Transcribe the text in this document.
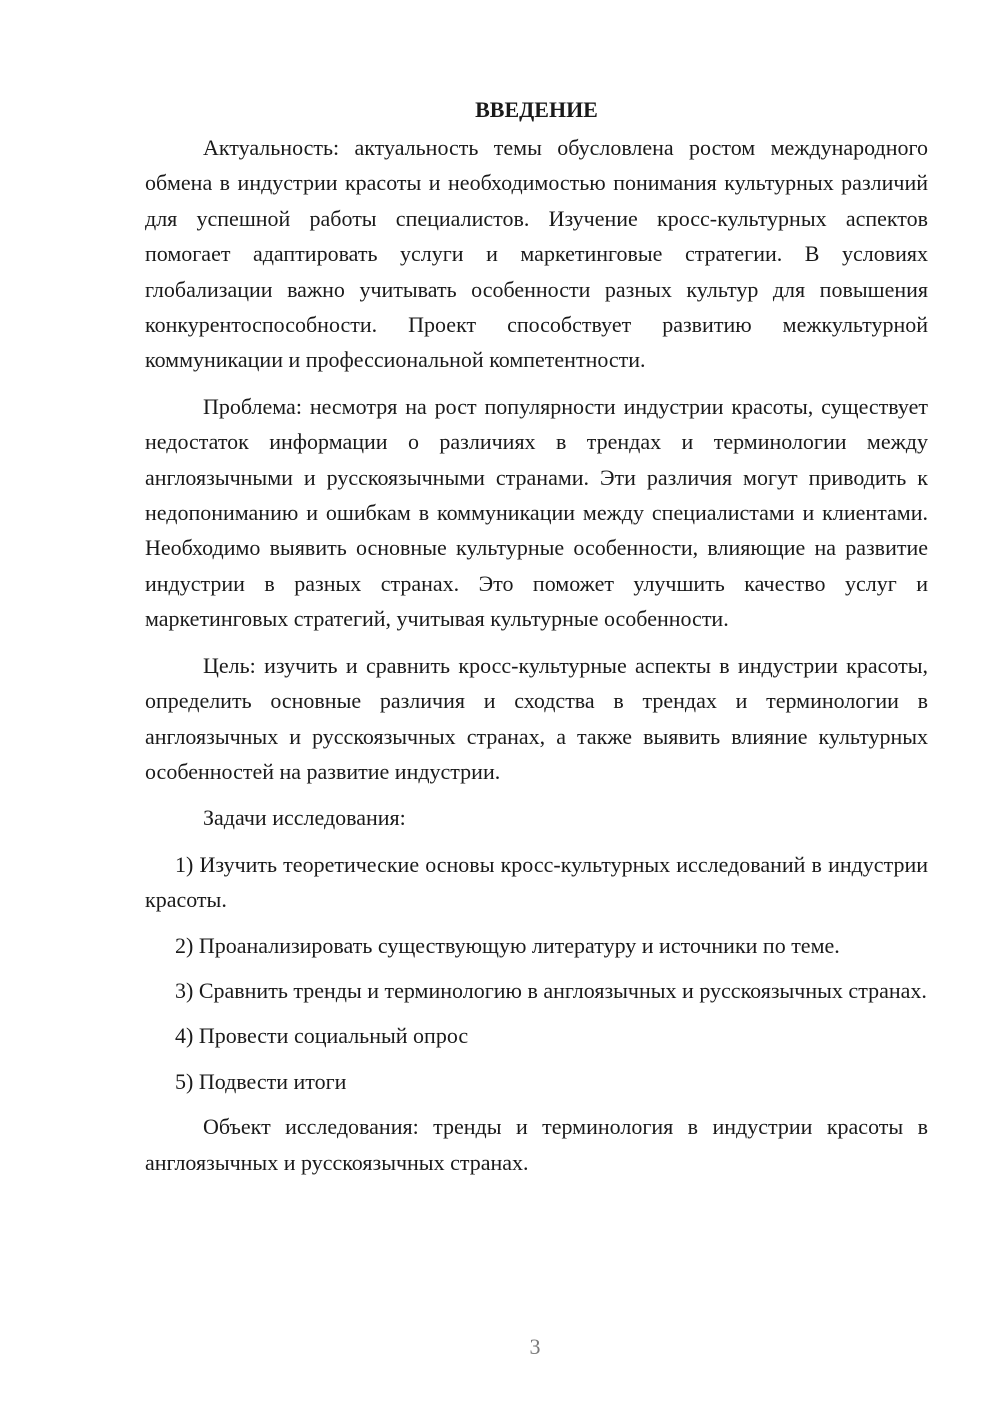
ВВЕДЕНИЕ

Актуальность: актуальность темы обусловлена ростом международного обмена в индустрии красоты и необходимостью понимания культурных различий для успешной работы специалистов. Изучение кросс-культурных аспектов помогает адаптировать услуги и маркетинговые стратегии. В условиях глобализации важно учитывать особенности разных культур для повышения конкурентоспособности. Проект способствует развитию межкультурной коммуникации и профессиональной компетентности.

Проблема: несмотря на рост популярности индустрии красоты, существует недостаток информации о различиях в трендах и терминологии между англоязычными и русскоязычными странами. Эти различия могут приводить к недопониманию и ошибкам в коммуникации между специалистами и клиентами. Необходимо выявить основные культурные особенности, влияющие на развитие индустрии в разных странах. Это поможет улучшить качество услуг и маркетинговых стратегий, учитывая культурные особенности.

Цель: изучить и сравнить кросс-культурные аспекты в индустрии красоты, определить основные различия и сходства в трендах и терминологии в англоязычных и русскоязычных странах, а также выявить влияние культурных особенностей на развитие индустрии.

Задачи исследования:

1) Изучить теоретические основы кросс-культурных исследований в индустрии красоты.

2) Проанализировать существующую литературу и источники по теме.

3) Сравнить тренды и терминологию в англоязычных и русскоязычных странах.

4) Провести социальный опрос

5) Подвести итоги

Объект исследования: тренды и терминология в индустрии красоты в англоязычных и русскоязычных странах.

3
